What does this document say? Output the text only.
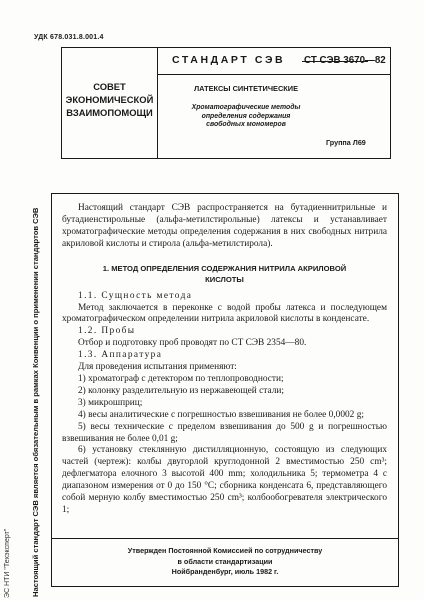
УДК 678.031.8.001.4
Настоящий стандарт СЭВ является обязательным в рамках Конвенции о применении стандартов СЭВ
ЭС НТИ "Техэксперт"
СОВЕТ
ЭКОНОМИЧЕСКОЙ
ВЗАИМОПОМОЩИ
СТАНДАРТ СЭВ СТ СЭВ 3670—82
ЛАТЕКСЫ СИНТЕТИЧЕСКИЕ
Хроматографические методы
определения содержания
свободных мономеров
Группа Л69

Настоящий стандарт СЭВ распространяется на бутадиеннитрильные и бутадиенстирольные (альфа-метилстирольные) латексы и устанавливает хроматографические методы определения содержания в них свободных нитрила акриловой кислоты и стирола (альфа-метилстирола).

1. МЕТОД ОПРЕДЕЛЕНИЯ СОДЕРЖАНИЯ НИТРИЛА АКРИЛОВОЙ
КИСЛОТЫ

1.1. Сущность метода

Метод заключается в переконке с водой пробы латекса и последующем хроматографическом определении нитрила акриловой кислоты в конденсате.

1.2. Пробы

Отбор и подготовку проб проводят по СТ СЭВ 2354—80.

1.3. Аппаратура

Для проведения испытания применяют:

1) хроматограф с детектором по теплопроводности;

2) колонку разделительную из нержавеющей стали;

3) микрошприц;

4) весы аналитические с погрешностью взвешивания не более 0,0002 g;

5) весы технические с пределом взвешивания до 500 g и погрешностью взвешивания не более 0,01 g;

6) установку стеклянную дистилляционную, состоящую из следующих частей (чертеж): колбы двугорлой круглодонной 2 вместимостью 250 cm³; дефлегматора елочного 3 высотой 400 mm; холодильника 5; термометра 4 с диапазоном измерения от 0 до 150 °C; сборника конденсата 6, представляющего собой мерную колбу вместимостью 250 cm³; колбообогревателя электрического 1;

Утвержден Постоянной Комиссией по сотрудничеству
в области стандартизации
Нойбранденбург, июль 1982 г.
